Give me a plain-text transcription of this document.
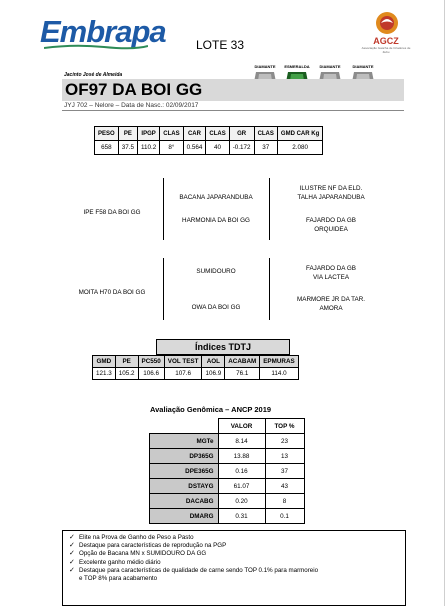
Embrapa	LOTE 33	AGCZ
Associação Gaúcha de Criadores de Zebu
DIAMANTE ESMERALDA DIAMANTE	DIAMANTE
Jacinto José de Almeida
OF97 DA BOI GG
JYJ 702 – Nelore – Data de Nasc.: 02/09/2017
PESO	PE	IPGP	CLAS	CAR	CLAS	GR	CLAS	GMD CAR Kg
658	37.5	110.2	8°	0.564	40	-0.172	37	2.080
IPE F58 DA BOI GG
BACANA JAPARANDUBA
HARMONIA DA BOI GG
ILUSTRE NF DA ELD.
TALHA JAPARANDUBA
FAJARDO DA GB
ORQUIDEA
MOITA H70 DA BOI GG
SUMIDOURO
OWA DA BOI GG
FAJARDO DA GB
VIA LACTEA
MARMORE JR DA TAR.
AMORA
Índices TDTJ
GMD	PE	PC550	VOL TEST	AOL	ACABAM	EPMURAS
121.3	105.2	106.6	107.6	106.9	76.1	114.0
Avaliação Genômica – ANCP 2019
	VALOR	TOP %
MGTe	8.14	23
DP365G	13.88	13
DPE365G	0.16	37
DSTAYG	61.07	43
DACABG	0.20	8
DMARG	0.31	0.1
✓ Elite na Prova de Ganho de Peso a Pasto
✓ Destaque para características de reprodução na PGP
✓ Opção de Bacana MN x SUMIDOURO DA GG
✓ Excelente ganho médio diário
✓ Destaque para características de qualidade de carne sendo TOP 0.1% para marmoreio
e TOP 8% para acabamento
